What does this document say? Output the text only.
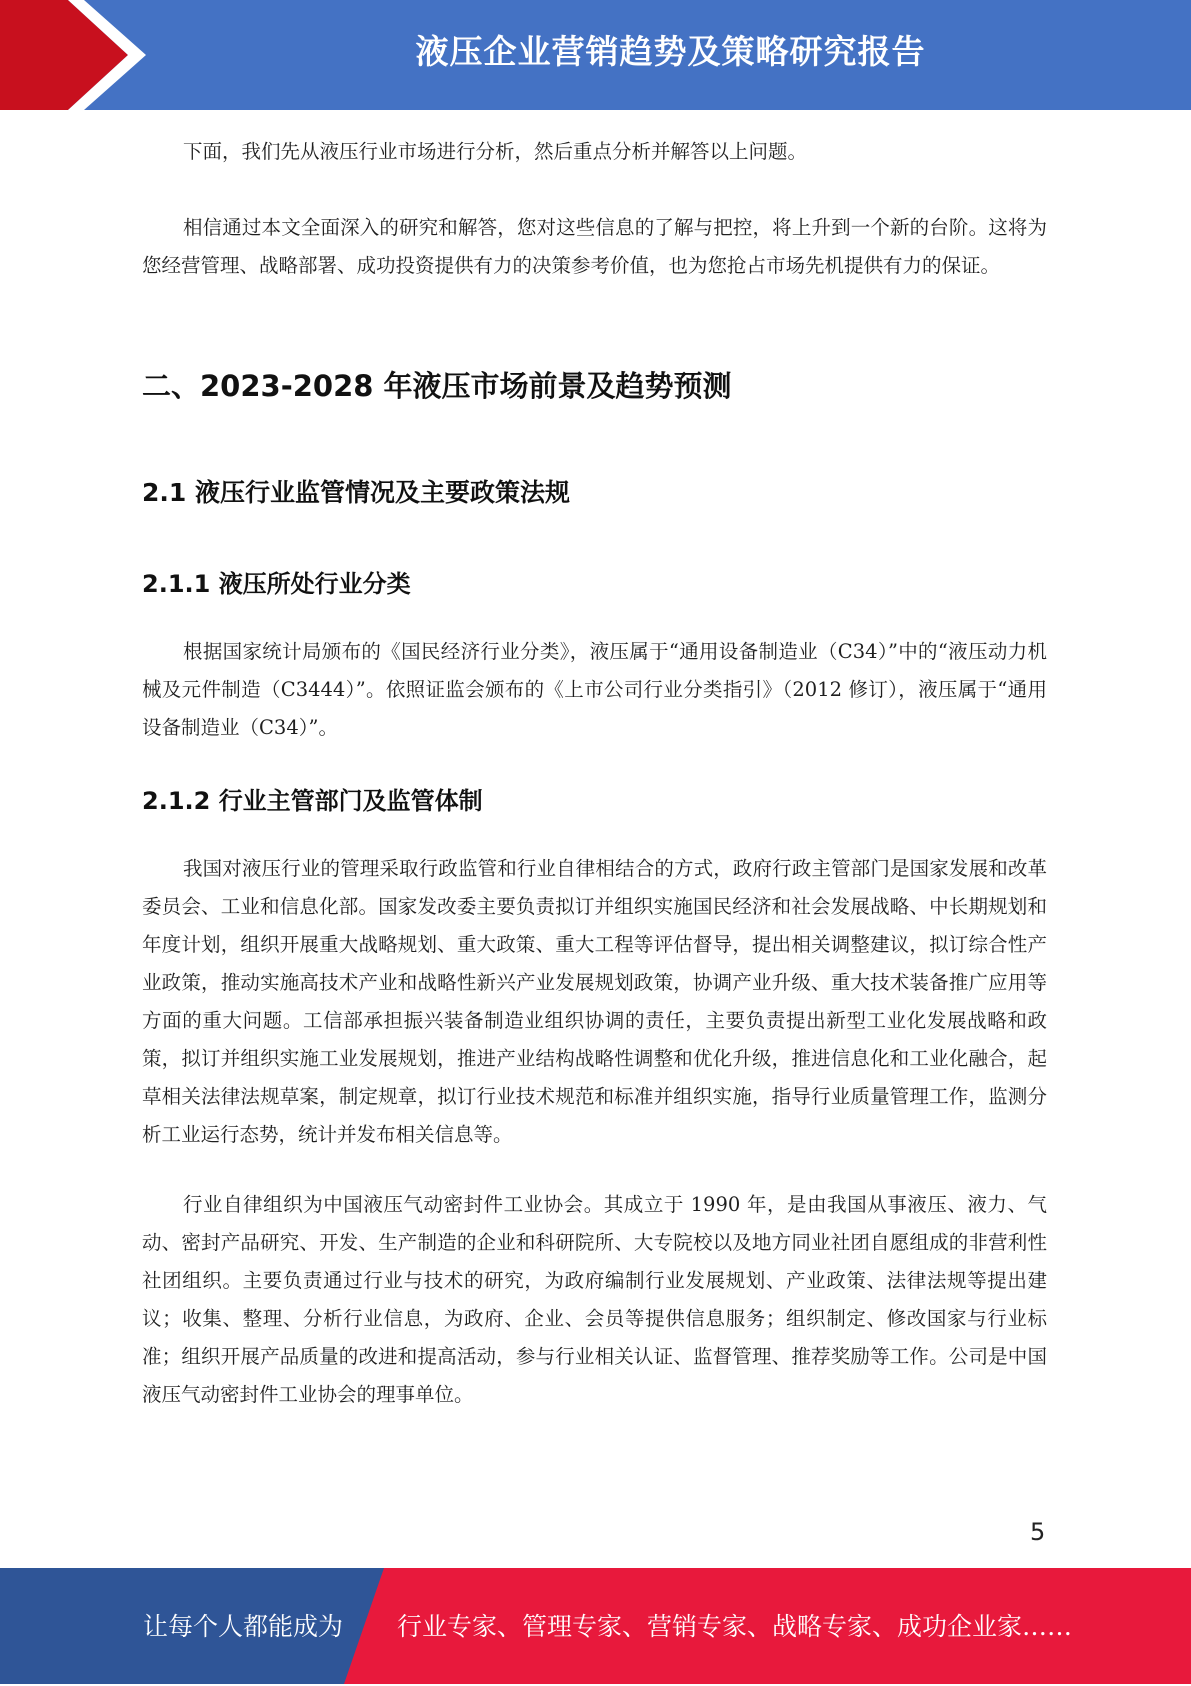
液压企业营销趋势及策略研究报告

下面，我们先从液压行业市场进行分析，然后重点分析并解答以上问题。

相信通过本文全面深入的研究和解答，您对这些信息的了解与把控，将上升到一个新的台阶。这将为您经营管理、战略部署、成功投资提供有力的决策参考价值，也为您抢占市场先机提供有力的保证。

二、2023-2028 年液压市场前景及趋势预测
2.1 液压行业监管情况及主要政策法规
2.1.1 液压所处行业分类

根据国家统计局颁布的《国民经济行业分类》，液压属于“通用设备制造业（C34）”中的“液压动力机械及元件制造（C3444）”。依照证监会颁布的《上市公司行业分类指引》（2012 修订），液压属于“通用设备制造业（C34）”。

2.1.2 行业主管部门及监管体制

我国对液压行业的管理采取行政监管和行业自律相结合的方式，政府行政主管部门是国家发展和改革委员会、工业和信息化部。国家发改委主要负责拟订并组织实施国民经济和社会发展战略、中长期规划和年度计划，组织开展重大战略规划、重大政策、重大工程等评估督导，提出相关调整建议，拟订综合性产业政策，推动实施高技术产业和战略性新兴产业发展规划政策，协调产业升级、重大技术装备推广应用等方面的重大问题。工信部承担振兴装备制造业组织协调的责任，主要负责提出新型工业化发展战略和政策，拟订并组织实施工业发展规划，推进产业结构战略性调整和优化升级，推进信息化和工业化融合，起草相关法律法规草案，制定规章，拟订行业技术规范和标准并组织实施，指导行业质量管理工作，监测分析工业运行态势，统计并发布相关信息等。

行业自律组织为中国液压气动密封件工业协会。其成立于 1990 年，是由我国从事液压、液力、气动、密封产品研究、开发、生产制造的企业和科研院所、大专院校以及地方同业社团自愿组成的非营利性社团组织。主要负责通过行业与技术的研究，为政府编制行业发展规划、产业政策、法律法规等提出建议；收集、整理、分析行业信息，为政府、企业、会员等提供信息服务；组织制定、修改国家与行业标准；组织开展产品质量的改进和提高活动，参与行业相关认证、监督管理、推荐奖励等工作。公司是中国液压气动密封件工业协会的理事单位。

5
让每个人都能成为 行业专家、管理专家、营销专家、战略专家、成功企业家……
